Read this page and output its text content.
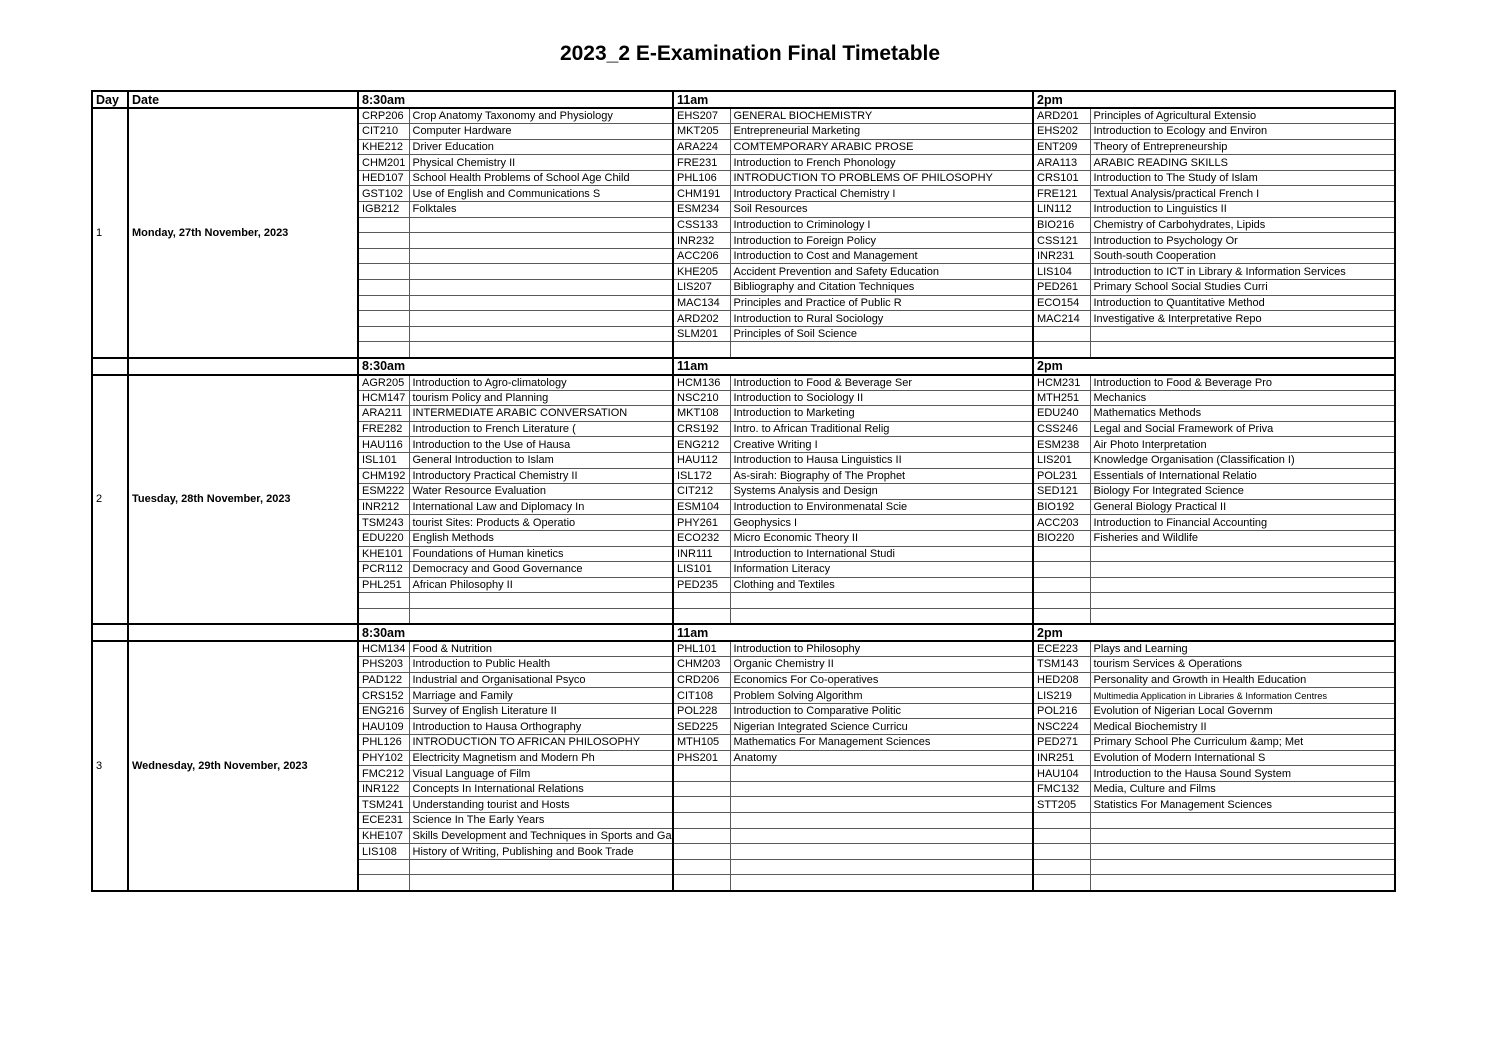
2023_2 E-Examination Final Timetable
Day	Date	8:30am		11am		2pm	
1	Monday, 27th November, 2023	CRP206	Crop Anatomy Taxonomy and Physiology	EHS207	GENERAL BIOCHEMISTRY	ARD201	Principles of Agricultural Extensio
		CIT210	Computer Hardware	MKT205	Entrepreneurial Marketing	EHS202	Introduction to Ecology and Environ
		KHE212	Driver Education	ARA224	COMTEMPORARY ARABIC PROSE	ENT209	Theory of Entrepreneurship
		CHM201	Physical Chemistry II	FRE231	Introduction to French Phonology	ARA113	ARABIC READING SKILLS
		HED107	School Health Problems of School Age Child	PHL106	INTRODUCTION TO PROBLEMS OF PHILOSOPHY	CRS101	Introduction to The Study of Islam
		GST102	Use of English and Communications S	CHM191	Introductory Practical Chemistry I	FRE121	Textual Analysis/practical French I
		IGB212	Folktales	ESM234	Soil Resources	LIN112	Introduction to Linguistics II
				CSS133	Introduction to Criminology I	BIO216	Chemistry of Carbohydrates, Lipids
				INR232	Introduction to Foreign Policy	CSS121	Introduction to Psychology Or
				ACC206	Introduction to Cost and Management	INR231	South-south Cooperation
				KHE205	Accident Prevention and Safety Education	LIS104	Introduction to ICT in Library & Information Services
				LIS207	Bibliography and Citation Techniques	PED261	Primary School Social Studies Curri
				MAC134	Principles and Practice of Public R	ECO154	Introduction to Quantitative Method
				ARD202	Introduction to Rural Sociology	MAC214	Investigative & Interpretative Repo
				SLM201	Principles of Soil Science		

		8:30am		11am		2pm	
2	Tuesday, 28th November, 2023	AGR205	Introduction to Agro-climatology	HCM136	Introduction to Food & Beverage Ser	HCM231	Introduction to Food & Beverage Pro
		HCM147	tourism Policy and Planning	NSC210	Introduction to Sociology II	MTH251	Mechanics
		ARA211	INTERMEDIATE ARABIC CONVERSATION	MKT108	Introduction to Marketing	EDU240	Mathematics Methods
		FRE282	Introduction to French Literature (	CRS192	Intro. to African Traditional Relig	CSS246	Legal and Social Framework of Priva
		HAU116	Introduction to the Use of Hausa	ENG212	Creative Writing I	ESM238	Air Photo Interpretation
		ISL101	General Introduction to Islam	HAU112	Introduction to Hausa Linguistics II	LIS201	Knowledge Organisation (Classification I)
		CHM192	Introductory Practical Chemistry II	ISL172	As-sirah: Biography of The Prophet	POL231	Essentials of International Relatio
		ESM222	Water Resource Evaluation	CIT212	Systems Analysis and Design	SED121	Biology For Integrated Science
		INR212	International Law and Diplomacy In	ESM104	Introduction to Environmenatal Scie	BIO192	General Biology Practical II
		TSM243	tourist Sites: Products & Operatio	PHY261	Geophysics I	ACC203	Introduction to Financial Accounting
		EDU220	English Methods	ECO232	Micro Economic Theory II	BIO220	Fisheries and Wildlife
		KHE101	Foundations of Human kinetics	INR111	Introduction to International Studi		
		PCR112	Democracy and Good Governance	LIS101	Information Literacy		
		PHL251	African Philosophy II	PED235	Clothing and Textiles		

		8:30am		11am		2pm	
3	Wednesday, 29th November, 2023	HCM134	Food & Nutrition	PHL101	Introduction to Philosophy	ECE223	Plays and Learning
		PHS203	Introduction to Public Health	CHM203	Organic Chemistry II	TSM143	tourism Services & Operations
		PAD122	Industrial and Organisational Psyco	CRD206	Economics For Co-operatives	HED208	Personality and Growth in Health Education
		CRS152	Marriage and Family	CIT108	Problem Solving Algorithm	LIS219	Multimedia Application in Libraries & Information Centres
		ENG216	Survey of English Literature II	POL228	Introduction to Comparative Politic	POL216	Evolution of Nigerian Local Governm
		HAU109	Introduction to Hausa Orthography	SED225	Nigerian Integrated Science Curricu	NSC224	Medical Biochemistry II
		PHL126	INTRODUCTION TO AFRICAN PHILOSOPHY	MTH105	Mathematics For Management Sciences	PED271	Primary School Phe Curriculum &amp; Met
		PHY102	Electricity Magnetism and Modern Ph	PHS201	Anatomy	INR251	Evolution of Modern International S
		FMC212	Visual Language of Film			HAU104	Introduction to the Hausa Sound System
		INR122	Concepts In International Relations			FMC132	Media, Culture and Films
		TSM241	Understanding tourist and Hosts			STT205	Statistics For Management Sciences
		ECE231	Science In The Early Years				
		KHE107	Skills Development and Techniques in Sports and Ga				
		LIS108	History of Writing, Publishing and Book Trade				
